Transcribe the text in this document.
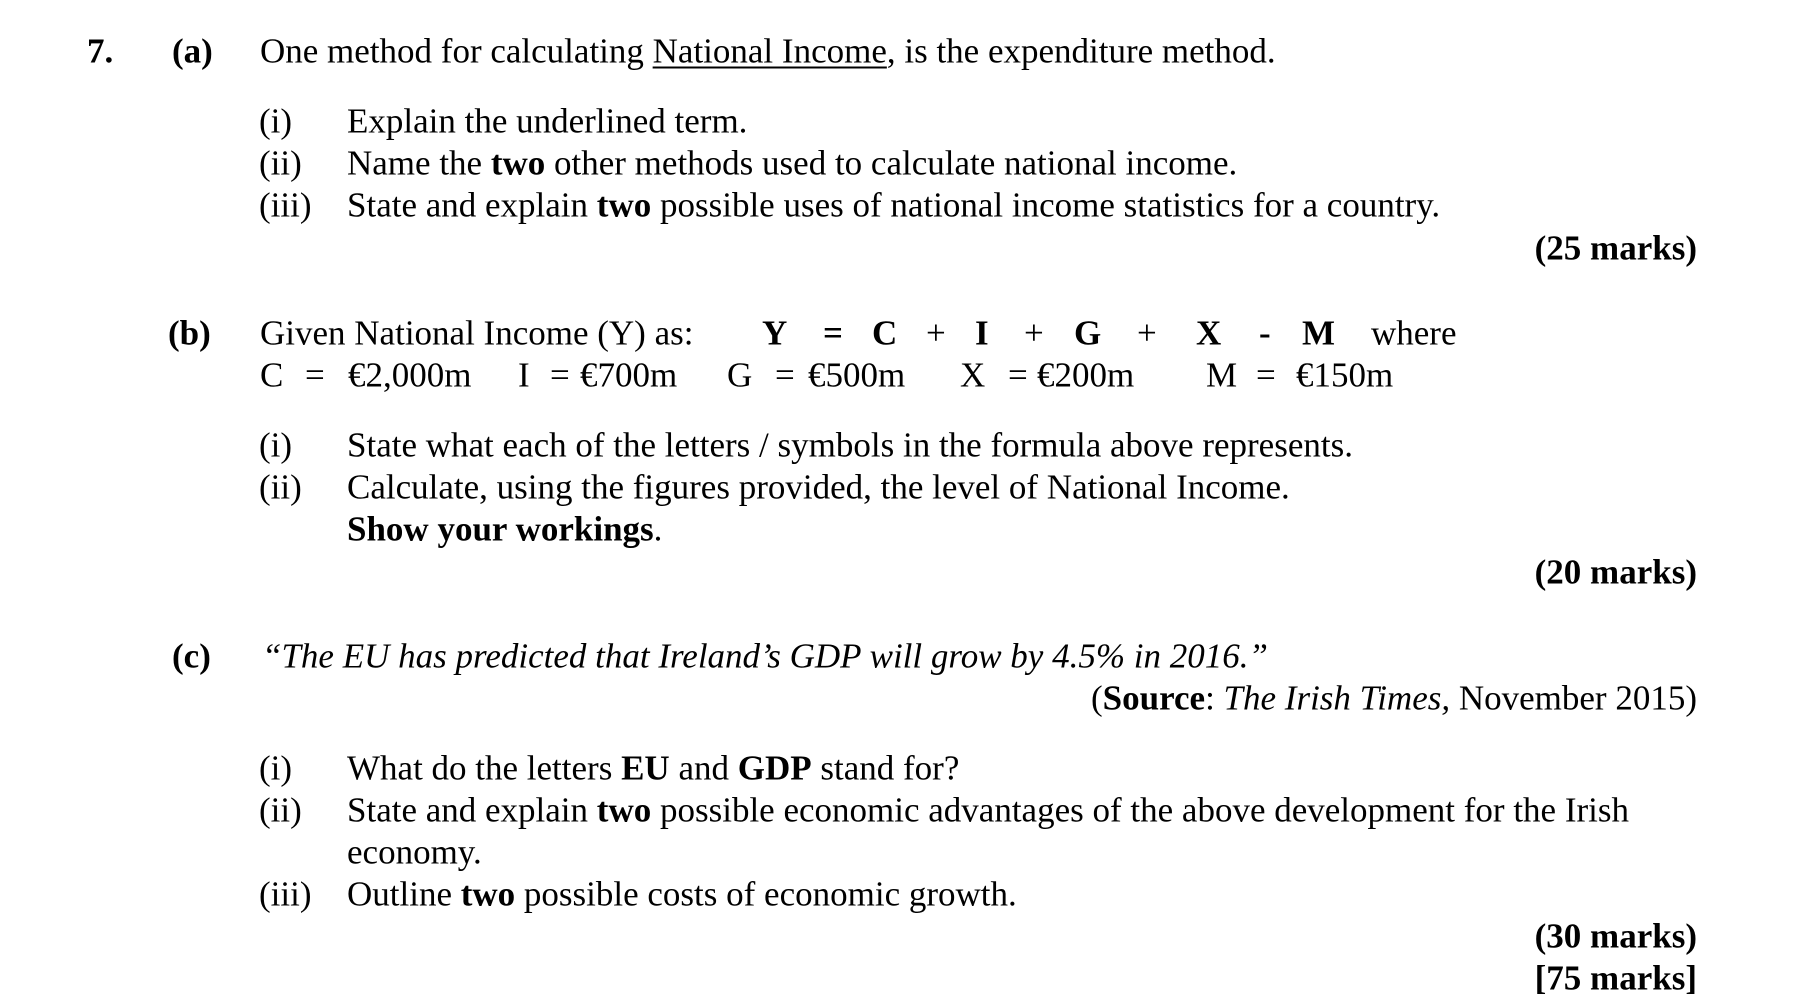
7. (a) One method for calculating National Income, is the expenditure method.
(i) Explain the underlined term.
(ii) Name the two other methods used to calculate national income.
(iii) State and explain two possible uses of national income statistics for a country.
(25 marks)
(b) Given National Income (Y) as: Y = C + I + G + X - M where
C = €2,000m I = €700m G = €500m X = €200m M = €150m
(i) State what each of the letters / symbols in the formula above represents.
(ii) Calculate, using the figures provided, the level of National Income.
Show your workings.
(20 marks)
(c) “The EU has predicted that Ireland’s GDP will grow by 4.5% in 2016.”
(Source: The Irish Times, November 2015)
(i) What do the letters EU and GDP stand for?
(ii) State and explain two possible economic advantages of the above development for the Irish
economy.
(iii) Outline two possible costs of economic growth.
(30 marks)
[75 marks]
